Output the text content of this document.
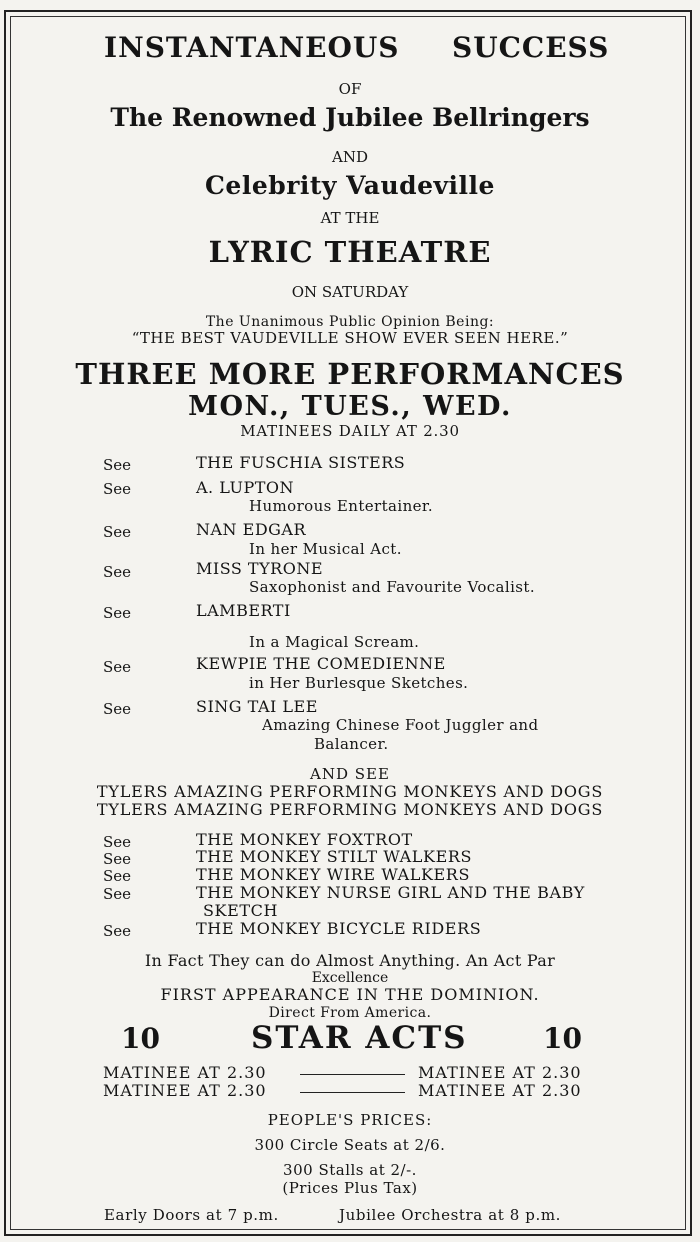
INSTANTANEOUS SUCCESS
OF
The Renowned Jubilee Bellringers
AND
Celebrity Vaudeville
AT THE
LYRIC THEATRE
ON SATURDAY
The Unanimous Public Opinion Being:
“THE BEST VAUDEVILLE SHOW EVER SEEN HERE.”
THREE MORE PERFORMANCES
MON., TUES., WED.
MATINEES DAILY AT 2.30
See	THE FUSCHIA SISTERS
See	A. LUPTON
Humorous Entertainer.
See	NAN EDGAR
In her Musical Act.
See	MISS TYRONE
Saxophonist and Favourite Vocalist.
See	LAMBERTI
In a Magical Scream.
See	KEWPIE THE COMEDIENNE
in Her Burlesque Sketches.
See	SING TAI LEE
Amazing Chinese Foot Juggler and
Balancer.
AND SEE
TYLERS AMAZING PERFORMING MONKEYS AND DOGS
TYLERS AMAZING PERFORMING MONKEYS AND DOGS
See	THE MONKEY FOXTROT
See	THE MONKEY STILT WALKERS
See	THE MONKEY WIRE WALKERS
See	THE MONKEY NURSE GIRL AND THE BABY
SKETCH
See	THE MONKEY BICYCLE RIDERS
In Fact They can do Almost Anything. An Act Par
Excellence
FIRST APPEARANCE IN THE DOMINION.
Direct From America.
10	STAR ACTS	10
MATINEE AT 2.30	MATINEE AT 2.30
MATINEE AT 2.30	MATINEE AT 2.30
PEOPLE'S PRICES:
300 Circle Seats at 2/6.
300 Stalls at 2/-.
(Prices Plus Tax)
Early Doors at 7 p.m.	Jubilee Orchestra at 8 p.m.
